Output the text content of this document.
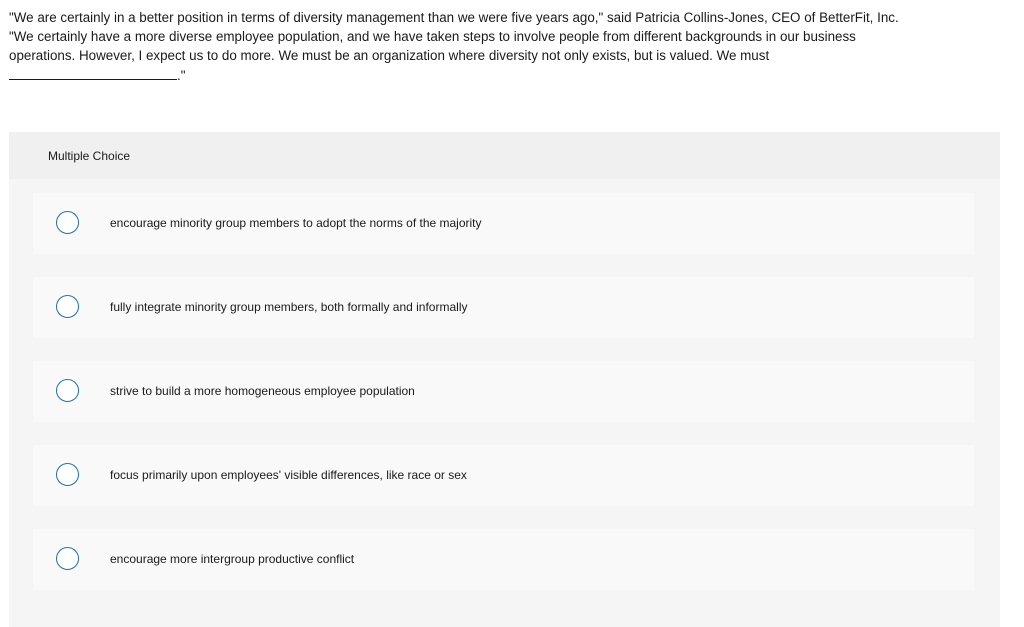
"We are certainly in a better position in terms of diversity management than we were five years ago," said Patricia Collins-Jones, CEO of BetterFit, Inc.

"We certainly have a more diverse employee population, and we have taken steps to involve people from different backgrounds in our business

operations. However, I expect us to do more. We must be an organization where diversity not only exists, but is valued. We must

."

Multiple Choice
encourage minority group members to adopt the norms of the majority
fully integrate minority group members, both formally and informally
strive to build a more homogeneous employee population
focus primarily upon employees' visible differences, like race or sex
encourage more intergroup productive conflict
